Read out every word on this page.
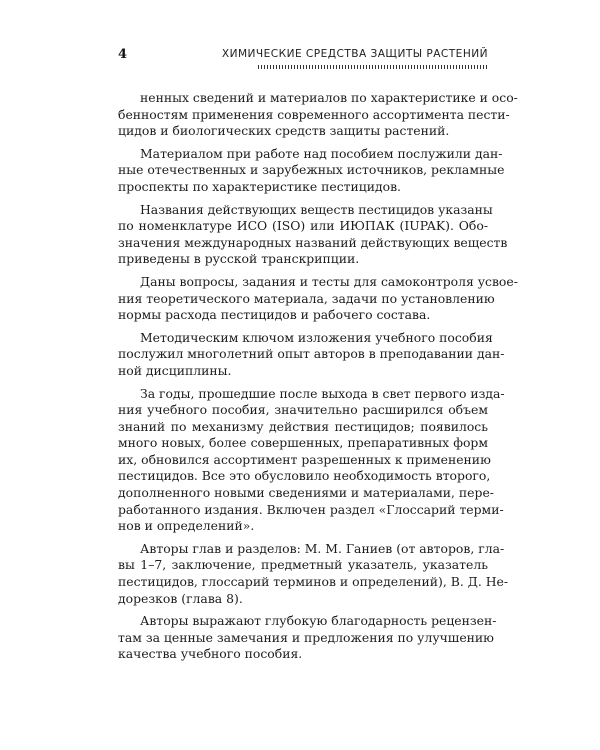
4	ХИМИЧЕСКИЕ СРЕДСТВА ЗАЩИТЫ РАСТЕНИЙ
ненных сведений и материалов по характеристике и осо-
бенностям применения современного ассортимента пести-
цидов и биологических средств защиты растений.
Материалом при работе над пособием послужили дан-
ные отечественных и зарубежных источников, рекламные
проспекты по характеристике пестицидов.
Названия действующих веществ пестицидов указаны
по номенклатуре ИСО (ISO) или ИЮПАК (IUPAK). Обо-
значения международных названий действующих веществ
приведены в русской транскрипции.
Даны вопросы, задания и тесты для самоконтроля усвое-
ния теоретического материала, задачи по установлению
нормы расхода пестицидов и рабочего состава.
Методическим ключом изложения учебного пособия
послужил многолетний опыт авторов в преподавании дан-
ной дисциплины.
За годы, прошедшие после выхода в свет первого изда-
ния учебного пособия, значительно расширился объем
знаний по механизму действия пестицидов; появилось
много новых, более совершенных, препаративных форм
их, обновился ассортимент разрешенных к применению
пестицидов. Все это обусловило необходимость второго,
дополненного новыми сведениями и материалами, пере-
работанного издания. Включен раздел «Глоссарий терми-
нов и определений».
Авторы глав и разделов: М. М. Ганиев (от авторов, гла-
вы 1–7, заключение, предметный указатель, указатель
пестицидов, глоссарий терминов и определений), В. Д. Не-
дорезков (глава 8).
Авторы выражают глубокую благодарность рецензен-
там за ценные замечания и предложения по улучшению
качества учебного пособия.
